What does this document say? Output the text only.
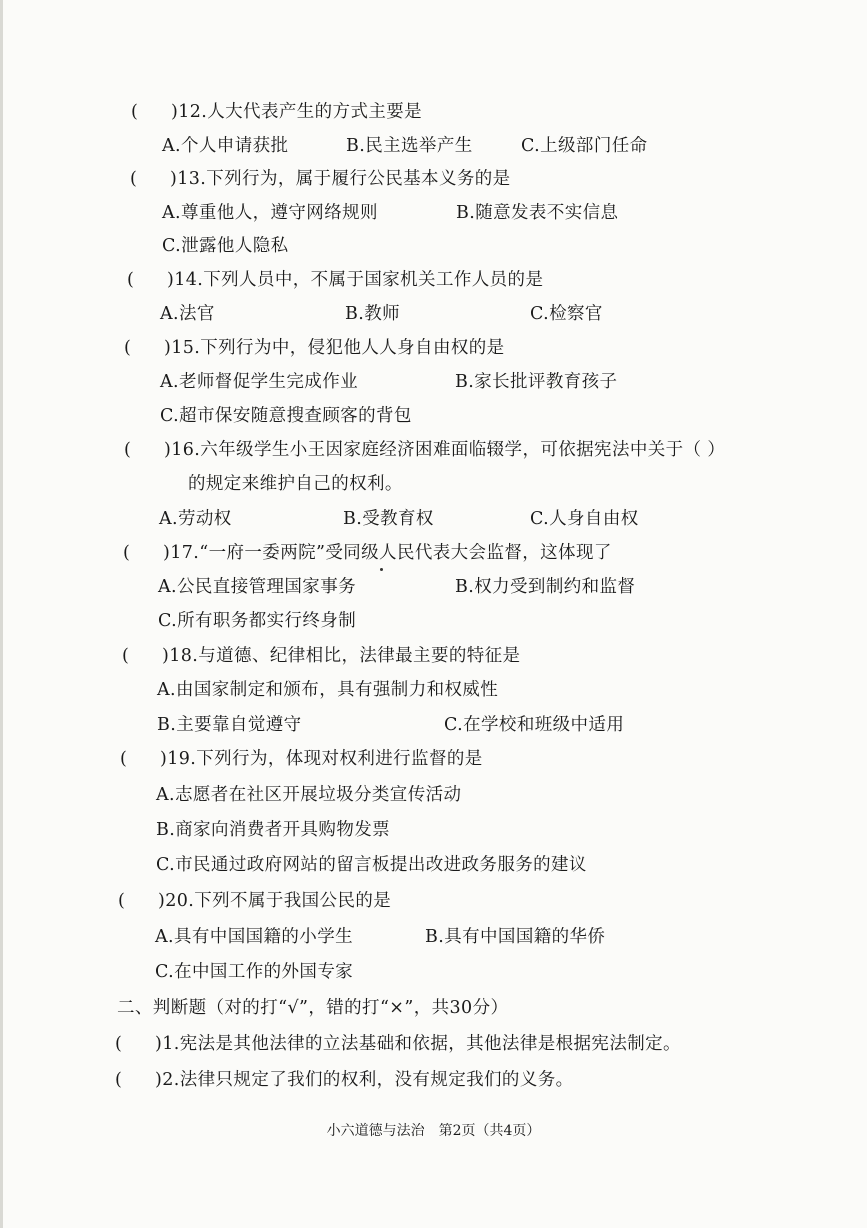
( )12.人大代表产生的方式主要是
A.个人申请获批	B.民主选举产生	C.上级部门任命
( )13.下列行为，属于履行公民基本义务的是
A.尊重他人，遵守网络规则	B.随意发表不实信息
C.泄露他人隐私
( )14.下列人员中，不属于国家机关工作人员的是
A.法官	B.教师	C.检察官
( )15.下列行为中，侵犯他人人身自由权的是
A.老师督促学生完成作业	B.家长批评教育孩子
C.超市保安随意搜查顾客的背包
( )16.六年级学生小王因家庭经济困难面临辍学，可依据宪法中关于（ ）
的规定来维护自己的权利。
A.劳动权	B.受教育权	C.人身自由权
( )17.“一府一委两院”受同级人民代表大会监督，这体现了
A.公民直接管理国家事务	B.权力受到制约和监督
C.所有职务都实行终身制
( )18.与道德、纪律相比，法律最主要的特征是
A.由国家制定和颁布，具有强制力和权威性
B.主要靠自觉遵守	C.在学校和班级中适用
( )19.下列行为，体现对权利进行监督的是
A.志愿者在社区开展垃圾分类宣传活动
B.商家向消费者开具购物发票
C.市民通过政府网站的留言板提出改进政务服务的建议
( )20.下列不属于我国公民的是
A.具有中国国籍的小学生	B.具有中国国籍的华侨
C.在中国工作的外国专家
二、判断题（对的打“√”，错的打“×”，共30分）
( )1.宪法是其他法律的立法基础和依据，其他法律是根据宪法制定。
( )2.法律只规定了我们的权利，没有规定我们的义务。
小六道德与法治　第2页（共4页）
